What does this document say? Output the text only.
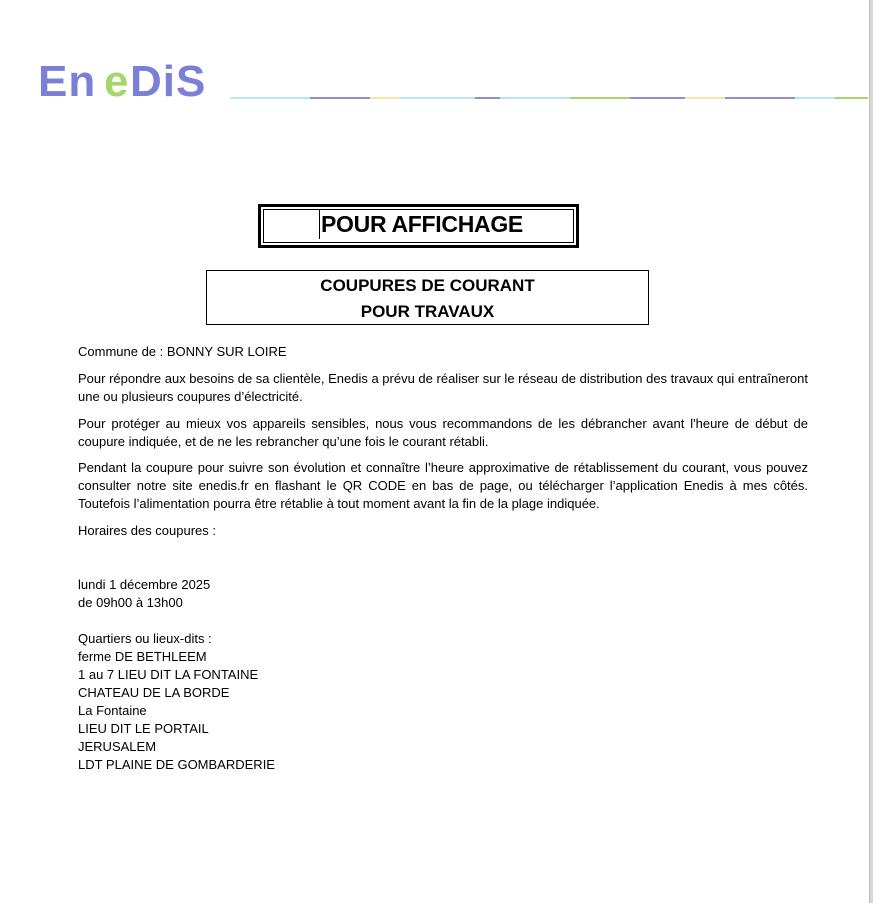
En e DiS
POUR AFFICHAGE
COUPURES DE COURANT
POUR TRAVAUX
Commune de : BONNY SUR LOIRE
Pour répondre aux besoins de sa clientèle, Enedis a prévu de réaliser sur le réseau de distribution des travaux qui entraîneront une ou plusieurs coupures d’électricité.
Pour protéger au mieux vos appareils sensibles, nous vous recommandons de les débrancher avant l'heure de début de coupure indiquée, et de ne les rebrancher qu’une fois le courant rétabli.
Pendant la coupure pour suivre son évolution et connaître l’heure approximative de rétablissement du courant, vous pouvez consulter notre site enedis.fr en flashant le QR CODE en bas de page, ou télécharger l’application Enedis à mes côtés. Toutefois l’alimentation pourra être rétablie à tout moment avant la fin de la plage indiquée.
Horaires des coupures :
lundi 1 décembre 2025
de 09h00 à 13h00
Quartiers ou lieux-dits :
ferme DE BETHLEEM
1 au 7 LIEU DIT LA FONTAINE
CHATEAU DE LA BORDE
La Fontaine
LIEU DIT LE PORTAIL
JERUSALEM
LDT PLAINE DE GOMBARDERIE
